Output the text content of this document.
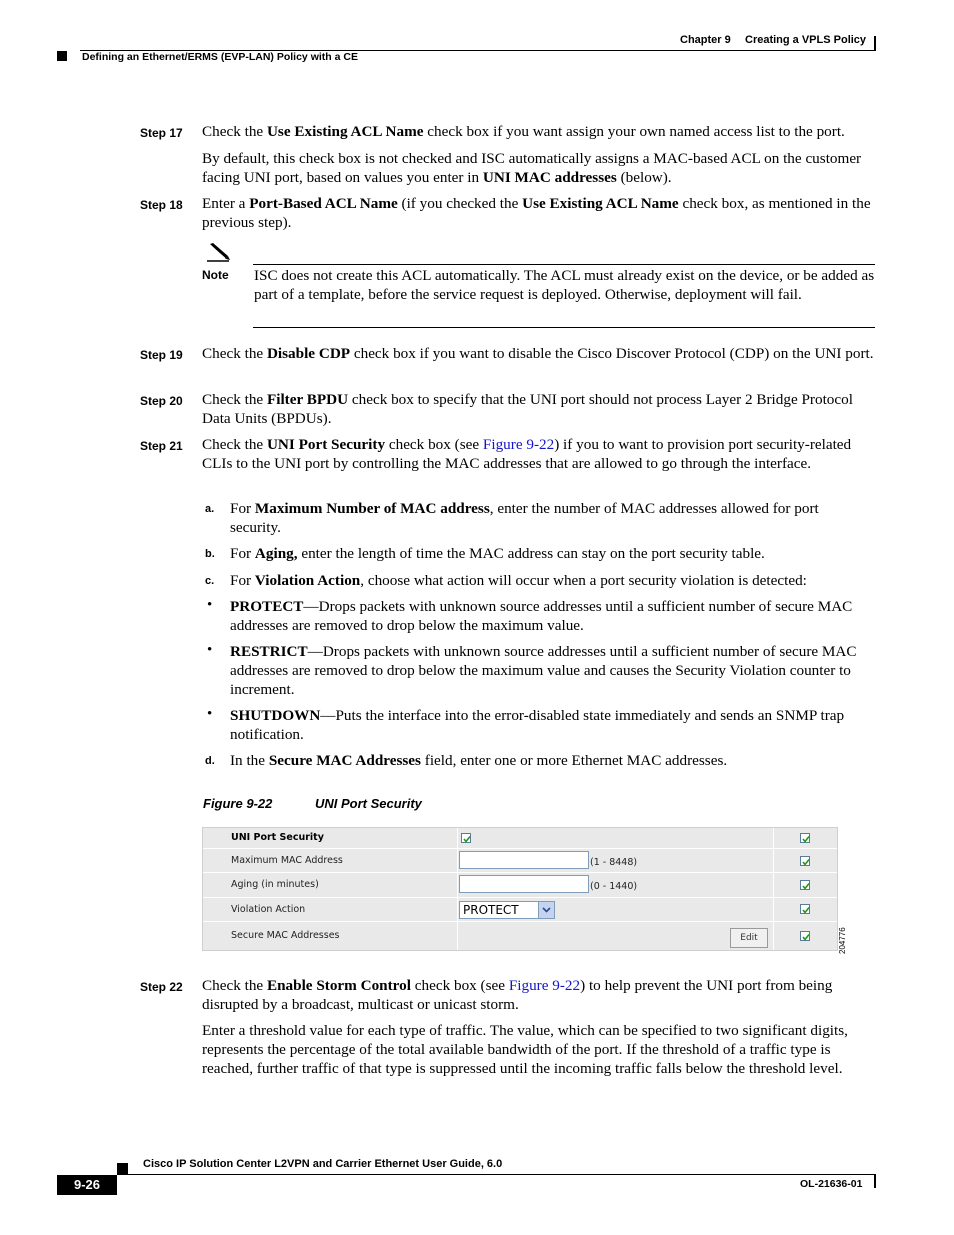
Chapter 9 Creating a VPLS Policy
Defining an Ethernet/ERMS (EVP-LAN) Policy with a CE
Step 17 Check the Use Existing ACL Name check box if you want assign your own named access list to the port.
By default, this check box is not checked and ISC automatically assigns a MAC-based ACL on the customer facing UNI port, based on values you enter in UNI MAC addresses (below).
Step 18 Enter a Port-Based ACL Name (if you checked the Use Existing ACL Name check box, as mentioned in the previous step).
Note ISC does not create this ACL automatically. The ACL must already exist on the device, or be added as part of a template, before the service request is deployed. Otherwise, deployment will fail.
Step 19 Check the Disable CDP check box if you want to disable the Cisco Discover Protocol (CDP) on the UNI port.
Step 20 Check the Filter BPDU check box to specify that the UNI port should not process Layer 2 Bridge Protocol Data Units (BPDUs).
Step 21 Check the UNI Port Security check box (see Figure 9-22) if you to want to provision port security-related CLIs to the UNI port by controlling the MAC addresses that are allowed to go through the interface.
a. For Maximum Number of MAC address, enter the number of MAC addresses allowed for port security.
b. For Aging, enter the length of time the MAC address can stay on the port security table.
c. For Violation Action, choose what action will occur when a port security violation is detected:
• PROTECT—Drops packets with unknown source addresses until a sufficient number of secure MAC addresses are removed to drop below the maximum value.
• RESTRICT—Drops packets with unknown source addresses until a sufficient number of secure MAC addresses are removed to drop below the maximum value and causes the Security Violation counter to increment.
• SHUTDOWN—Puts the interface into the error-disabled state immediately and sends an SNMP trap notification.
d. In the Secure MAC Addresses field, enter one or more Ethernet MAC addresses.
Figure 9-22	UNI Port Security
UNI Port Security
Maximum MAC Address	(1 - 8448)
Aging (in minutes)	(0 - 1440)
Violation Action	PROTECT
Secure MAC Addresses	Edit	204776
Step 22 Check the Enable Storm Control check box (see Figure 9-22) to help prevent the UNI port from being disrupted by a broadcast, multicast or unicast storm.
Enter a threshold value for each type of traffic. The value, which can be specified to two significant digits, represents the percentage of the total available bandwidth of the port. If the threshold of a traffic type is reached, further traffic of that type is suppressed until the incoming traffic falls below the threshold level.
Cisco IP Solution Center L2VPN and Carrier Ethernet User Guide, 6.0
9-26	OL-21636-01
